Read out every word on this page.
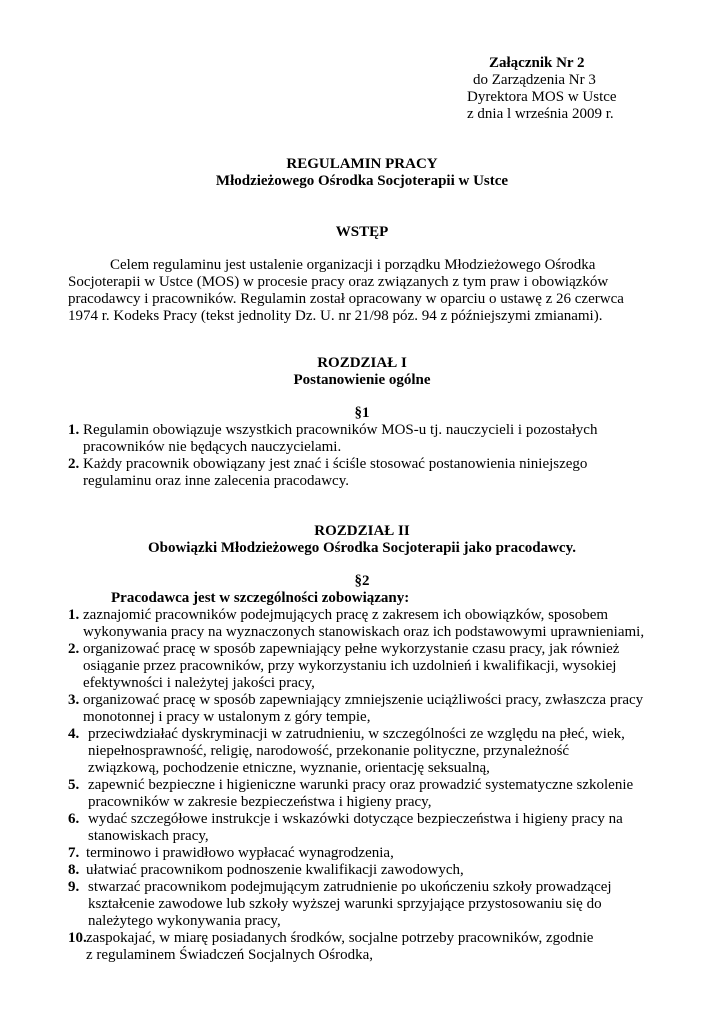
Załącznik Nr 2
do Zarządzenia Nr 3
Dyrektora MOS w Ustce
z dnia l września 2009 r.
REGULAMIN PRACY
Młodzieżowego Ośrodka Socjoterapii w Ustce
WSTĘP
Celem regulaminu jest ustalenie organizacji i porządku Młodzieżowego Ośrodka
Socjoterapii w Ustce (MOS) w procesie pracy oraz związanych z tym praw i obowiązków
pracodawcy i pracowników. Regulamin został opracowany w oparciu o ustawę z 26 czerwca
1974 r. Kodeks Pracy (tekst jednolity Dz. U. nr 21/98 póz. 94 z późniejszymi zmianami).
ROZDZIAŁ I
Postanowienie ogólne
§1
1. Regulamin obowiązuje wszystkich pracowników MOS-u tj. nauczycieli i pozostałych
pracowników nie będących nauczycielami.
2. Każdy pracownik obowiązany jest znać i ściśle stosować postanowienia niniejszego
regulaminu oraz inne zalecenia pracodawcy.
ROZDZIAŁ II
Obowiązki Młodzieżowego Ośrodka Socjoterapii jako pracodawcy.
§2
Pracodawca jest w szczególności zobowiązany:
1. zaznajomić pracowników podejmujących pracę z zakresem ich obowiązków, sposobem
wykonywania pracy na wyznaczonych stanowiskach oraz ich podstawowymi uprawnieniami,
2. organizować pracę w sposób zapewniający pełne wykorzystanie czasu pracy, jak również
osiąganie przez pracowników, przy wykorzystaniu ich uzdolnień i kwalifikacji, wysokiej
efektywności i należytej jakości pracy,
3. organizować pracę w sposób zapewniający zmniejszenie uciążliwości pracy, zwłaszcza pracy
monotonnej i pracy w ustalonym z góry tempie,
4. przeciwdziałać dyskryminacji w zatrudnieniu, w szczególności ze względu na płeć, wiek,
niepełnosprawność, religię, narodowość, przekonanie polityczne, przynależność
związkową, pochodzenie etniczne, wyznanie, orientację seksualną,
5. zapewnić bezpieczne i higieniczne warunki pracy oraz prowadzić systematyczne szkolenie
pracowników w zakresie bezpieczeństwa i higieny pracy,
6. wydać szczegółowe instrukcje i wskazówki dotyczące bezpieczeństwa i higieny pracy na
stanowiskach pracy,
7. terminowo i prawidłowo wypłacać wynagrodzenia,
8. ułatwiać pracownikom podnoszenie kwalifikacji zawodowych,
9. stwarzać pracownikom podejmującym zatrudnienie po ukończeniu szkoły prowadzącej
kształcenie zawodowe lub szkoły wyższej warunki sprzyjające przystosowaniu się do
należytego wykonywania pracy,
10. zaspokajać, w miarę posiadanych środków, socjalne potrzeby pracowników, zgodnie
z regulaminem Świadczeń Socjalnych Ośrodka,
